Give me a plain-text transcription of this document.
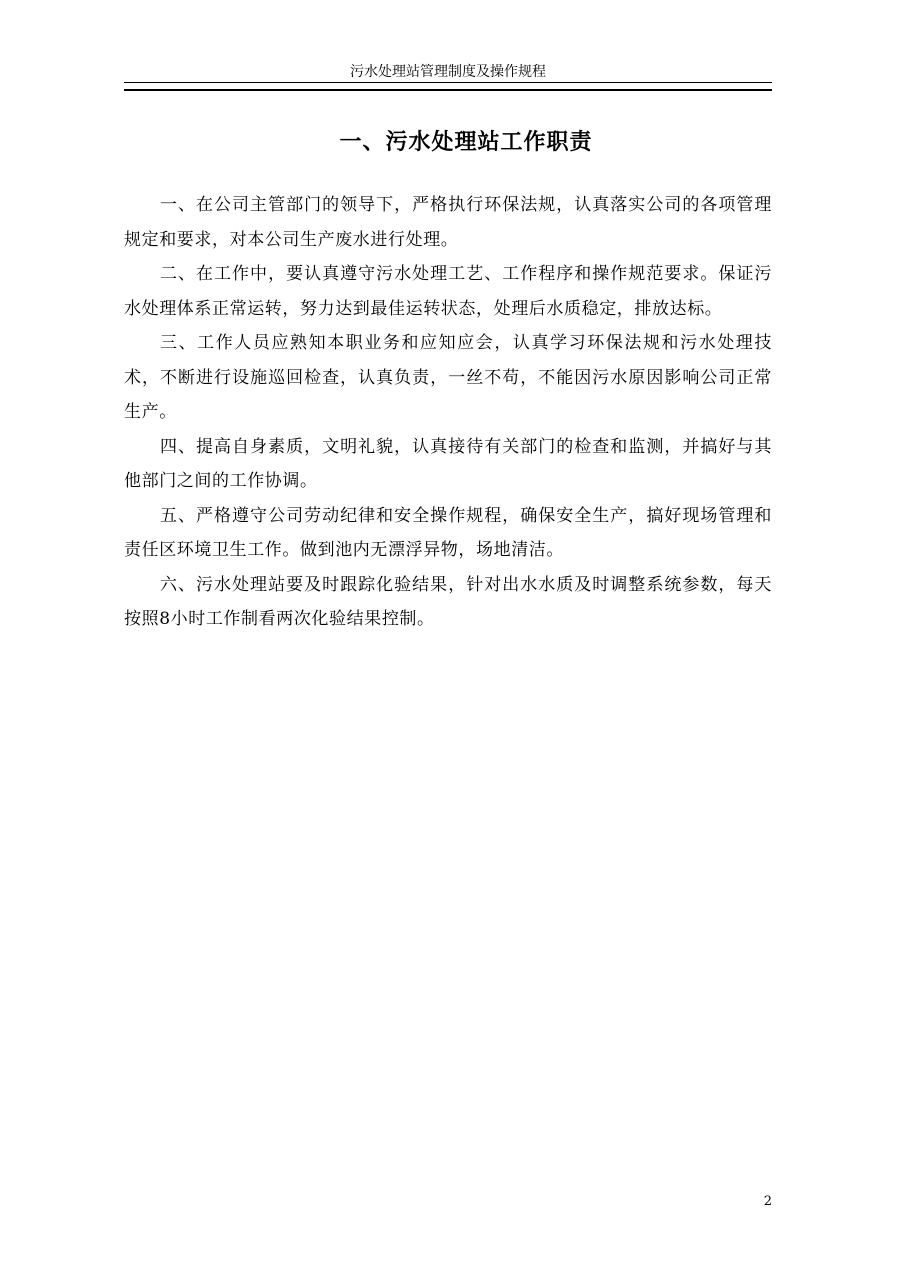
污水处理站管理制度及操作规程
一、污水处理站工作职责

一、在公司主管部门的领导下，严格执行环保法规，认真落实公司的各项管理规定和要求，对本公司生产废水进行处理。

二、在工作中，要认真遵守污水处理工艺、工作程序和操作规范要求。保证污水处理体系正常运转，努力达到最佳运转状态，处理后水质稳定，排放达标。

三、工作人员应熟知本职业务和应知应会，认真学习环保法规和污水处理技术，不断进行设施巡回检查，认真负责，一丝不苟，不能因污水原因影响公司正常生产。

四、提高自身素质，文明礼貌，认真接待有关部门的检查和监测，并搞好与其他部门之间的工作协调。

五、严格遵守公司劳动纪律和安全操作规程，确保安全生产，搞好现场管理和责任区环境卫生工作。做到池内无漂浮异物，场地清洁。

六、污水处理站要及时跟踪化验结果，针对出水水质及时调整系统参数，每天按照8小时工作制看两次化验结果控制。

2
